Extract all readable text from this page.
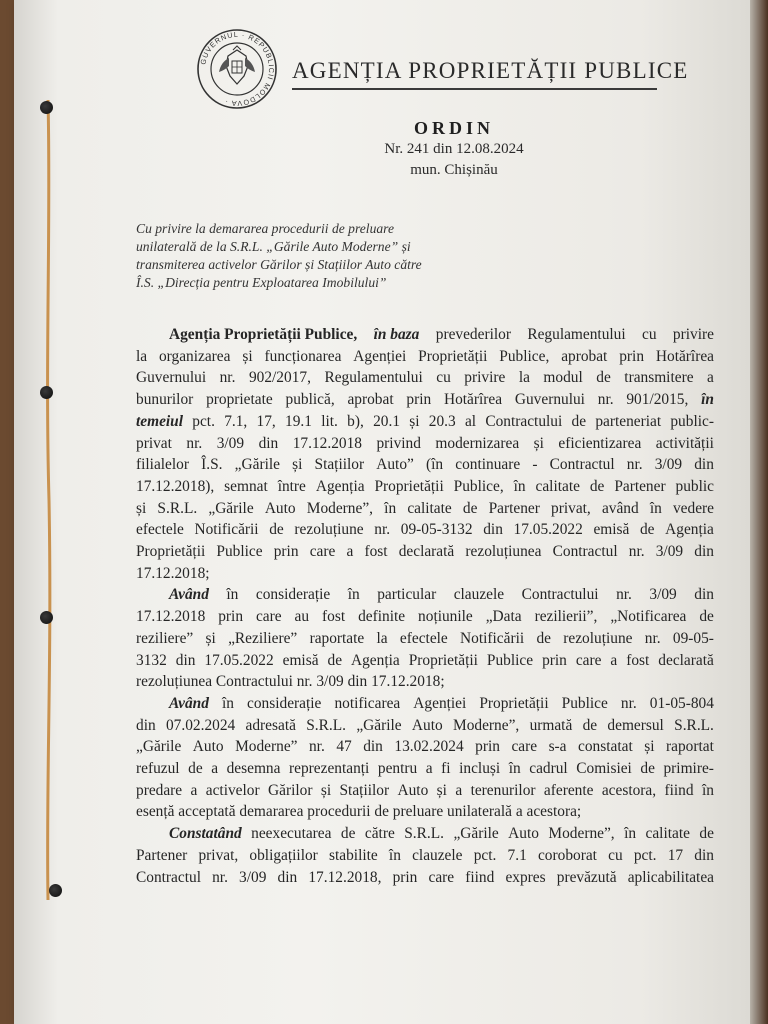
GUVERNUL · REPUBLICII MOLDOVA ·
AGENȚIA PROPRIETĂȚII PUBLICE
ORDIN
Nr. 241 din 12.08.2024
mun. Chișinău
Cu privire la demararea procedurii de preluare
unilaterală de la S.R.L. „Gările Auto Moderne” și
transmiterea activelor Gărilor și Stațiilor Auto către
Î.S. „Direcția pentru Exploatarea Imobilului”
Agenția Proprietății Publice, în baza prevederilor Regulamentului cu privire
la organizarea și funcționarea Agenției Proprietății Publice, aprobat prin Hotărîrea
Guvernului nr. 902/2017, Regulamentului cu privire la modul de transmitere a
bunurilor proprietate publică, aprobat prin Hotărîrea Guvernului nr. 901/2015, în
temeiul pct. 7.1, 17, 19.1 lit. b), 20.1 și 20.3 al Contractului de parteneriat public-
privat nr. 3/09 din 17.12.2018 privind modernizarea și eficientizarea activității
filialelor Î.S. „Gările și Stațiilor Auto” (în continuare - Contractul nr. 3/09 din
17.12.2018), semnat între Agenția Proprietății Publice, în calitate de Partener public
și S.R.L. „Gările Auto Moderne”, în calitate de Partener privat, având în vedere
efectele Notificării de rezoluțiune nr. 09-05-3132 din 17.05.2022 emisă de Agenția
Proprietății Publice prin care a fost declarată rezoluțiunea Contractul nr. 3/09 din
17.12.2018;
Având în considerație în particular clauzele Contractului nr. 3/09 din
17.12.2018 prin care au fost definite noțiunile „Data rezilierii”, „Notificarea de
reziliere” și „Reziliere” raportate la efectele Notificării de rezoluțiune nr. 09-05-
3132 din 17.05.2022 emisă de Agenția Proprietății Publice prin care a fost declarată
rezoluțiunea Contractului nr. 3/09 din 17.12.2018;
Având în considerație notificarea Agenției Proprietății Publice nr. 01-05-804
din 07.02.2024 adresată S.R.L. „Gările Auto Moderne”, urmată de demersul S.R.L.
„Gările Auto Moderne” nr. 47 din 13.02.2024 prin care s-a constatat și raportat
refuzul de a desemna reprezentanți pentru a fi incluși în cadrul Comisiei de primire-
predare a activelor Gărilor și Stațiilor Auto și a terenurilor aferente acestora, fiind în
esență acceptată demararea procedurii de preluare unilaterală a acestora;
Constatând neexecutarea de către S.R.L. „Gările Auto Moderne”, în calitate de
Partener privat, obligațiilor stabilite în clauzele pct. 7.1 coroborat cu pct. 17 din
Contractul nr. 3/09 din 17.12.2018, prin care fiind expres prevăzută aplicabilitatea
